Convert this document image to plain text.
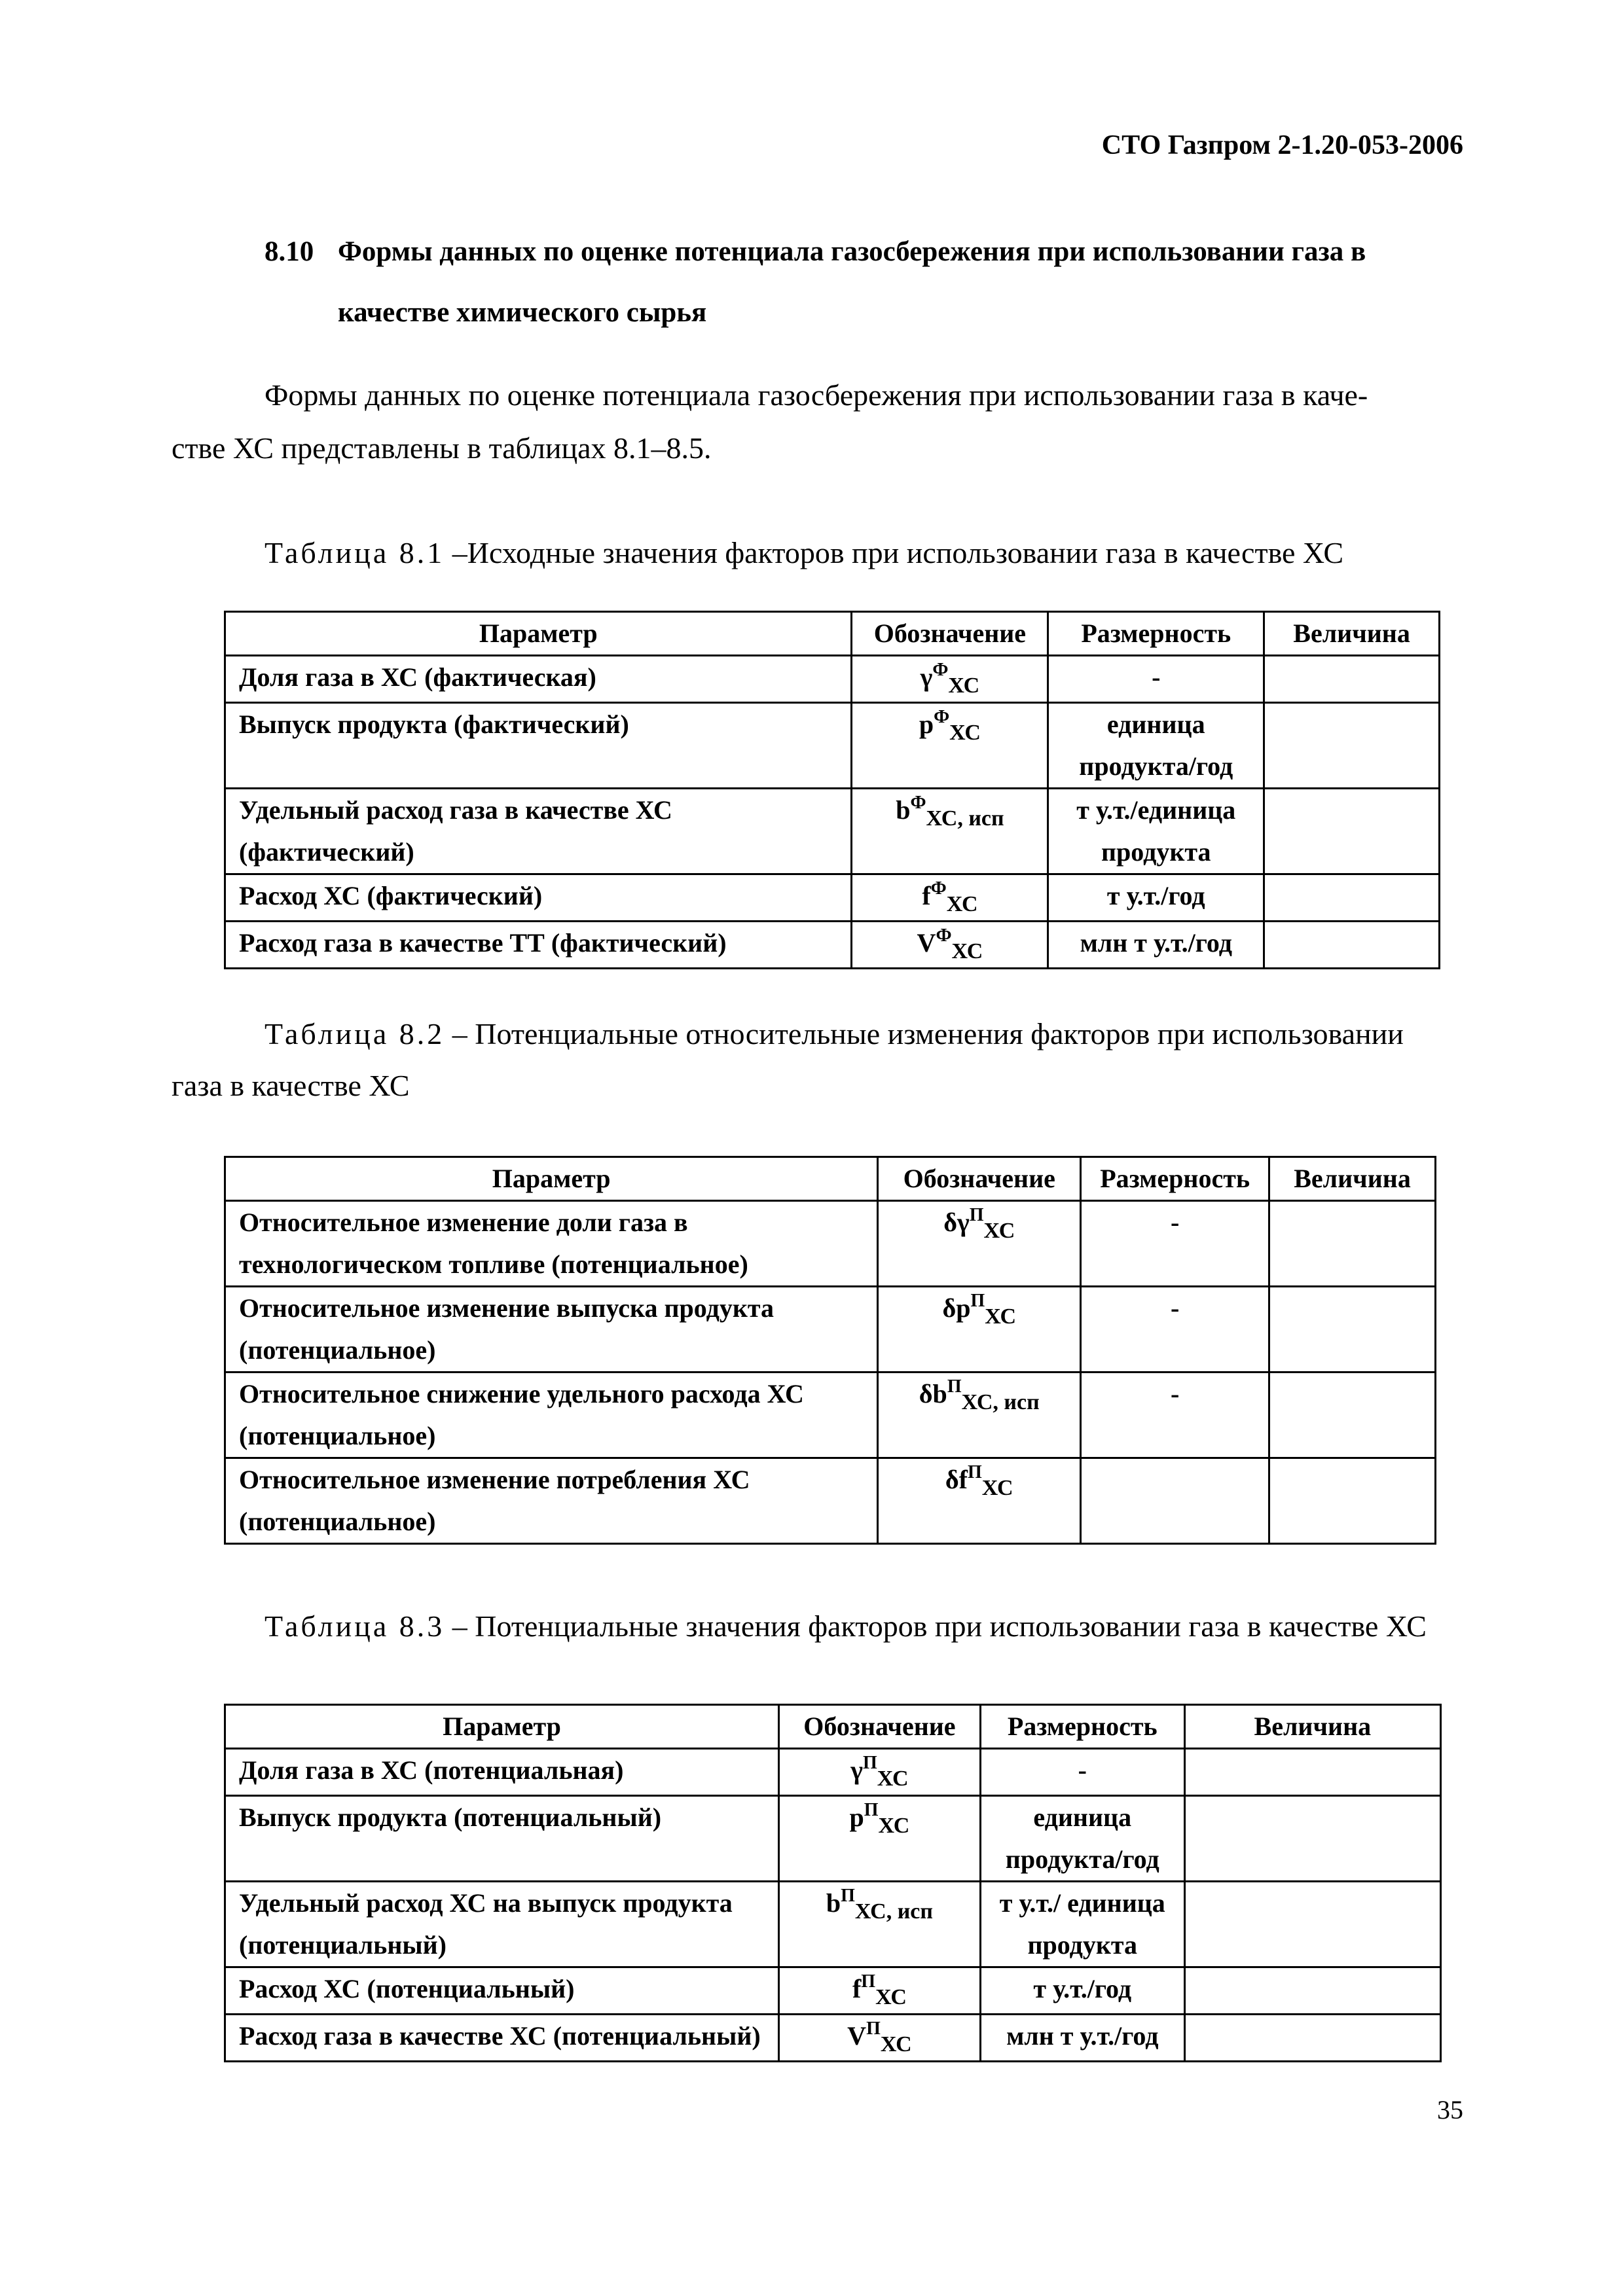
СТО Газпром 2-1.20-053-2006
8.10 Формы данных по оценке потенциала газосбережения при использовании газа в
качестве химического сырья
Формы данных по оценке потенциала газосбережения при использовании газа в каче-
стве ХС представлены в таблицах 8.1–8.5.
Таблица 8.1 –Исходные значения факторов при использовании газа в качестве ХС
Параметр	Обозначение	Размерность	Величина
Доля газа в ХС (фактическая)	$\gamma^Ф_{ХС}$	-	
Выпуск продукта (фактический)	$p^Ф_{ХС}$	единица
продукта/год	
Удельный расход газа в качестве ХС
(фактический)	$b^Ф_{ХС, исп}$	т у.т./единица
продукта	
Расход ХС (фактический)	$f^Ф_{ХС}$	т у.т./год	
Расход газа в качестве ТТ (фактический)	$V^Ф_{ХС}$	млн т у.т./год	
Таблица 8.2 – Потенциальные относительные изменения факторов при использовании
газа в качестве ХС
Параметр	Обозначение	Размерность	Величина
Относительное изменение доли газа в
технологическом топливе (потенциальное)	$\delta\gamma^П_{ХС}$	-	
Относительное изменение выпуска продукта
(потенциальное)	$\delta p^П_{ХС}$	-	
Относительное снижение удельного расхода ХС
(потенциальное)	$\delta b^П_{ХС, исп}$	-	
Относительное изменение потребления ХС
(потенциальное)	$\delta f^П_{ХС}$		
Таблица 8.3 – Потенциальные значения факторов при использовании газа в качестве ХС
Параметр	Обозначение	Размерность	Величина
Доля газа в ХС (потенциальная)	$\gamma^П_{ХС}$	-	
Выпуск продукта (потенциальный)	$p^П_{ХС}$	единица
продукта/год	
Удельный расход ХС на выпуск продукта
(потенциальный)	$b^П_{ХС, исп}$	т у.т./ единица
продукта	
Расход ХС (потенциальный)	$f^П_{ХС}$	т у.т./год	
Расход газа в качестве ХС (потенциальный)	$V^П_{ХС}$	млн т у.т./год	
35
